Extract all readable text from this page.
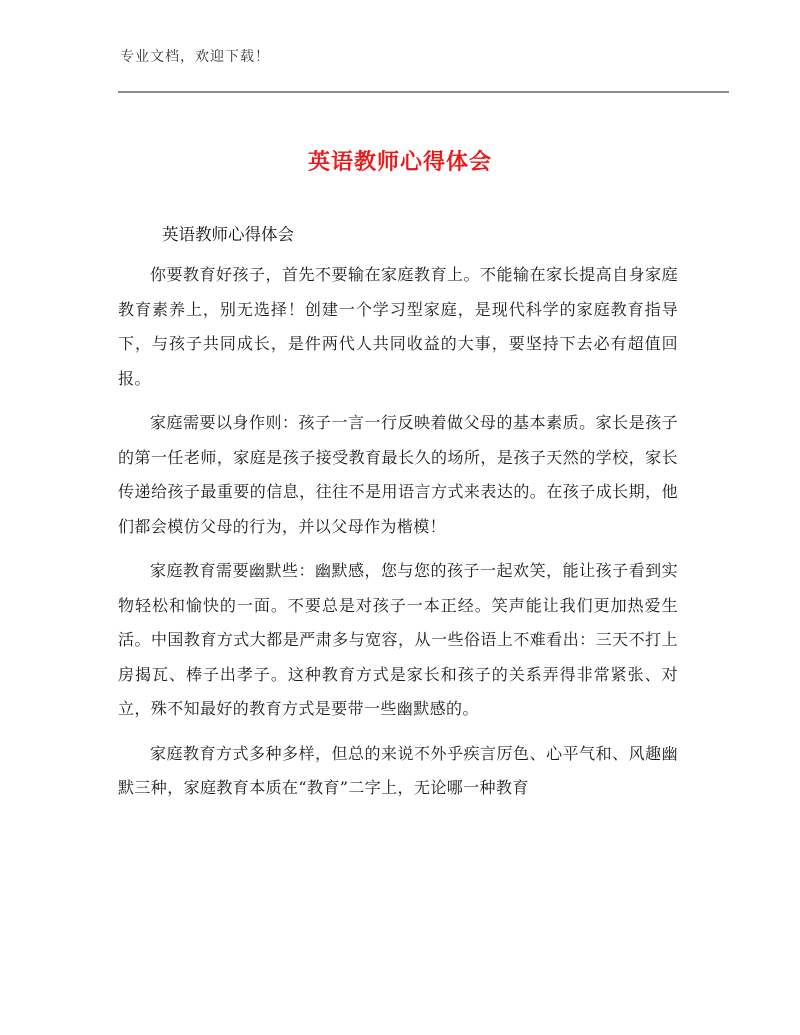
专业文档，欢迎下载！
英语教师心得体会
英语教师心得体会

你要教育好孩子，首先不要输在家庭教育上。不能输在家长提高自身家庭教育素养上，别无选择！创建一个学习型家庭，是现代科学的家庭教育指导下，与孩子共同成长，是件两代人共同收益的大事，要坚持下去必有超值回报。

家庭需要以身作则：孩子一言一行反映着做父母的基本素质。家长是孩子的第一任老师，家庭是孩子接受教育最长久的场所，是孩子天然的学校，家长传递给孩子最重要的信息，往往不是用语言方式来表达的。在孩子成长期，他们都会模仿父母的行为，并以父母作为楷模！

家庭教育需要幽默些：幽默感，您与您的孩子一起欢笑，能让孩子看到实物轻松和愉快的一面。不要总是对孩子一本正经。笑声能让我们更加热爱生活。中国教育方式大都是严肃多与宽容，从一些俗语上不难看出：三天不打上房揭瓦、棒子出孝子。这种教育方式是家长和孩子的关系弄得非常紧张、对立，殊不知最好的教育方式是要带一些幽默感的。

家庭教育方式多种多样，但总的来说不外乎疾言厉色、心平气和、风趣幽默三种，家庭教育本质在“教育”二字上，无论哪一种教育
